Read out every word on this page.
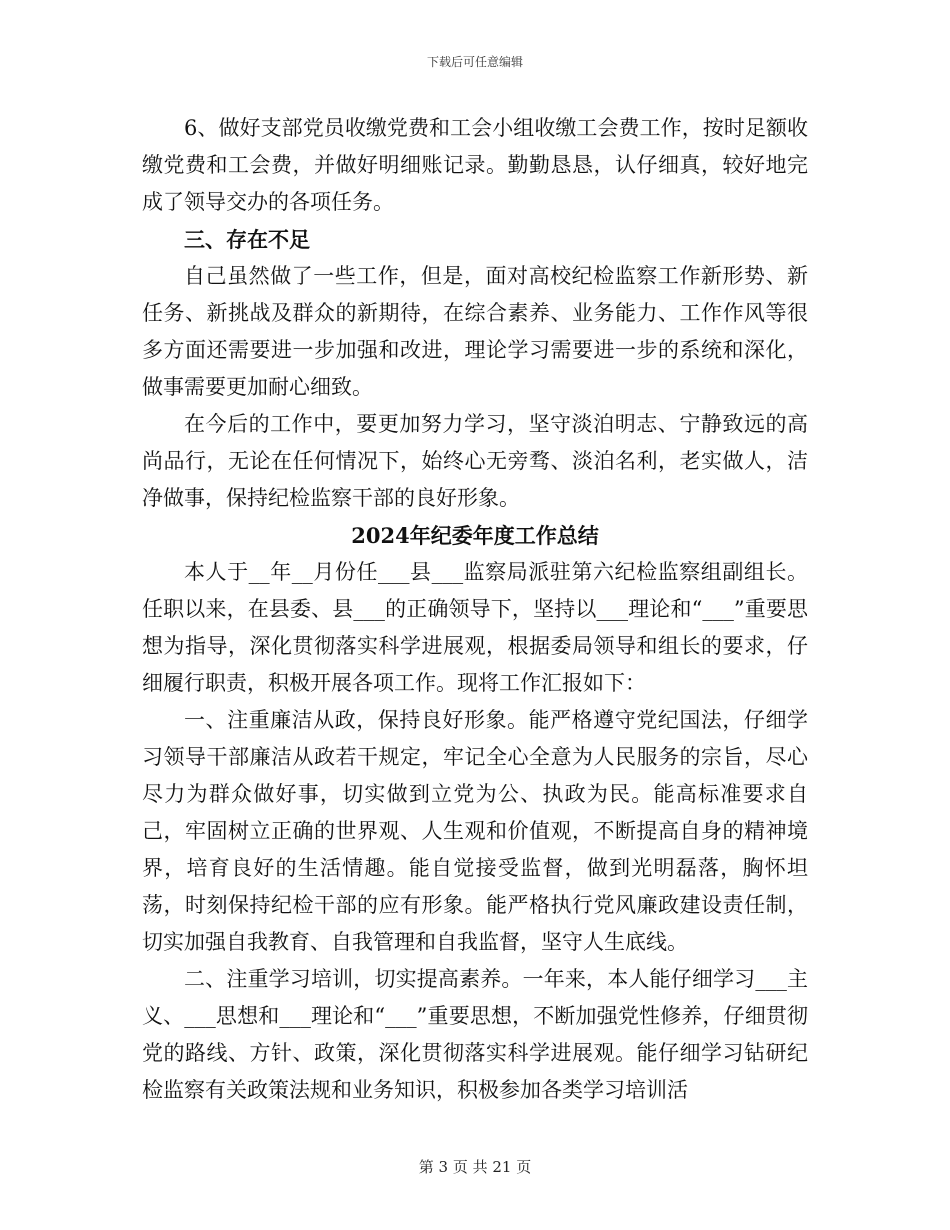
下载后可任意编辑

6、做好支部党员收缴党费和工会小组收缴工会费工作，按时足额收缴党费和工会费，并做好明细账记录。勤勤恳恳，认仔细真，较好地完成了领导交办的各项任务。

三、存在不足

自己虽然做了一些工作，但是，面对高校纪检监察工作新形势、新任务、新挑战及群众的新期待，在综合素养、业务能力、工作作风等很多方面还需要进一步加强和改进，理论学习需要进一步的系统和深化，做事需要更加耐心细致。

在今后的工作中，要更加努力学习，坚守淡泊明志、宁静致远的高尚品行，无论在任何情况下，始终心无旁骛、淡泊名利，老实做人，洁净做事，保持纪检监察干部的良好形象。

2024年纪委年度工作总结

本人于__年__月份任___县___监察局派驻第六纪检监察组副组长。任职以来，在县委、县___的正确领导下，坚持以___理论和“___”重要思想为指导，深化贯彻落实科学进展观，根据委局领导和组长的要求，仔细履行职责，积极开展各项工作。现将工作汇报如下：

一、注重廉洁从政，保持良好形象。能严格遵守党纪国法，仔细学习领导干部廉洁从政若干规定，牢记全心全意为人民服务的宗旨，尽心尽力为群众做好事，切实做到立党为公、执政为民。能高标准要求自己，牢固树立正确的世界观、人生观和价值观，不断提高自身的精神境界，培育良好的生活情趣。能自觉接受监督，做到光明磊落，胸怀坦荡，时刻保持纪检干部的应有形象。能严格执行党风廉政建设责任制，切实加强自我教育、自我管理和自我监督，坚守人生底线。

二、注重学习培训，切实提高素养。一年来，本人能仔细学习___主义、___思想和___理论和“___”重要思想，不断加强党性修养，仔细贯彻党的路线、方针、政策，深化贯彻落实科学进展观。能仔细学习钻研纪检监察有关政策法规和业务知识，积极参加各类学习培训活

第 3 页 共 21 页
